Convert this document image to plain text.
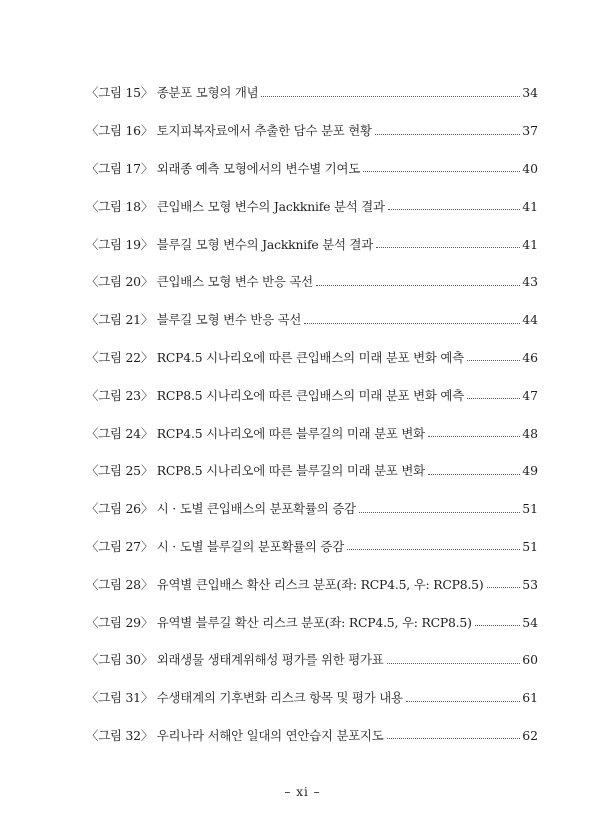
〈그림 15〉 종분포 모형의 개념	34
〈그림 16〉 토지피복자료에서 추출한 담수 분포 현황	37
〈그림 17〉 외래종 예측 모형에서의 변수별 기여도	40
〈그림 18〉 큰입배스 모형 변수의 Jackknife 분석 결과	41
〈그림 19〉 블루길 모형 변수의 Jackknife 분석 결과	41
〈그림 20〉 큰입배스 모형 변수 반응 곡선	43
〈그림 21〉 블루길 모형 변수 반응 곡선	44
〈그림 22〉 RCP4.5 시나리오에 따른 큰입배스의 미래 분포 변화 예측	46
〈그림 23〉 RCP8.5 시나리오에 따른 큰입배스의 미래 분포 변화 예측	47
〈그림 24〉 RCP4.5 시나리오에 따른 블루길의 미래 분포 변화	48
〈그림 25〉 RCP8.5 시나리오에 따른 블루길의 미래 분포 변화	49
〈그림 26〉 시 · 도별 큰입배스의 분포확률의 증감	51
〈그림 27〉 시 · 도별 블루길의 분포확률의 증감	51
〈그림 28〉 유역별 큰입배스 확산 리스크 분포(좌: RCP4.5, 우: RCP8.5)	53
〈그림 29〉 유역별 블루길 확산 리스크 분포(좌: RCP4.5, 우: RCP8.5)	54
〈그림 30〉 외래생물 생태계위해성 평가를 위한 평가표	60
〈그림 31〉 수생태계의 기후변화 리스크 항목 및 평가 내용	61
〈그림 32〉 우리나라 서해안 일대의 연안습지 분포지도	62
– xi –
